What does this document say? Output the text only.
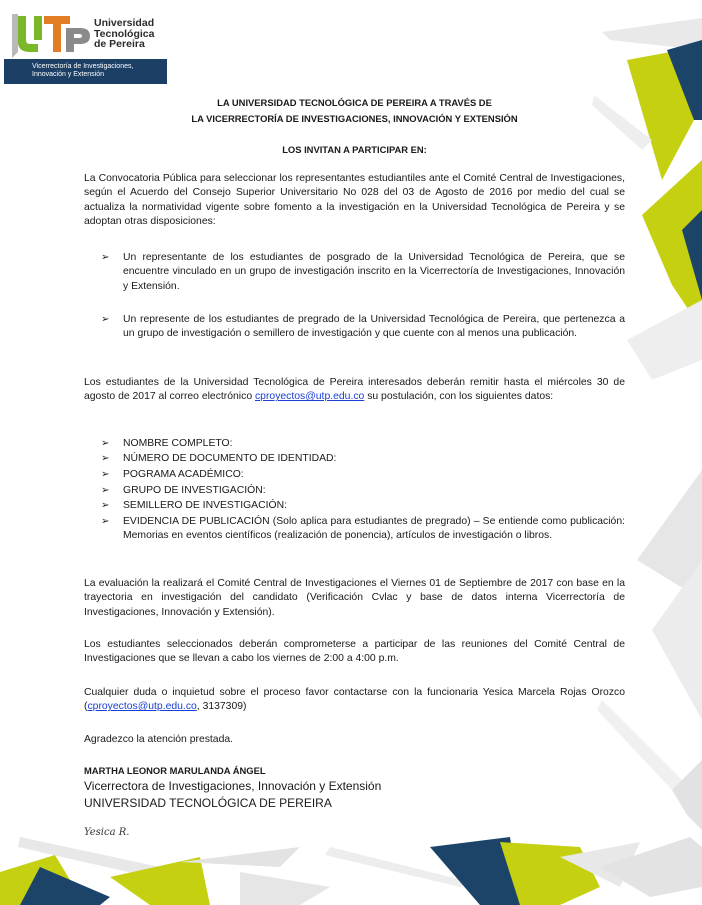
Universidad
Tecnológica
de Pereira
Vicerrectoría de Investigaciones,
Innovación y Extensión
LA UNIVERSIDAD TECNOLÓGICA DE PEREIRA A TRAVÉS DE
LA VICERRECTORÍA DE INVESTIGACIONES, INNOVACIÓN Y EXTENSIÓN
LOS INVITAN A PARTICIPAR EN:
La Convocatoria Pública para seleccionar los representantes estudiantiles ante el Comité Central de Investigaciones, según el Acuerdo del Consejo Superior Universitario No 028 del 03 de Agosto de 2016 por medio del cual se actualiza la normatividad vigente sobre fomento a la investigación en la Universidad Tecnológica de Pereira y se adoptan otras disposiciones:
➢ Un representante de los estudiantes de posgrado de la Universidad Tecnológica de Pereira, que se encuentre vinculado en un grupo de investigación inscrito en la Vicerrectoría de Investigaciones, Innovación y Extensión.
➢ Un represente de los estudiantes de pregrado de la Universidad Tecnológica de Pereira, que pertenezca a un grupo de investigación o semillero de investigación y que cuente con al menos una publicación.
Los estudiantes de la Universidad Tecnológica de Pereira interesados deberán remitir hasta el miércoles 30 de agosto de 2017 al correo electrónico cproyectos@utp.edu.co su postulación, con los siguientes datos:
➢ NOMBRE COMPLETO:
➢ NÚMERO DE DOCUMENTO DE IDENTIDAD:
➢ POGRAMA ACADÉMICO:
➢ GRUPO DE INVESTIGACIÓN:
➢ SEMILLERO DE INVESTIGACIÓN:
➢ EVIDENCIA DE PUBLICACIÓN (Solo aplica para estudiantes de pregrado) – Se entiende como publicación: Memorias en eventos científicos (realización de ponencia), artículos de investigación o libros.
La evaluación la realizará el Comité Central de Investigaciones el Viernes 01 de Septiembre de 2017 con base en la trayectoria en investigación del candidato (Verificación Cvlac y base de datos interna Vicerrectoría de Investigaciones, Innovación y Extensión).
Los estudiantes seleccionados deberán comprometerse a participar de las reuniones del Comité Central de Investigaciones que se llevan a cabo los viernes de 2:00 a 4:00 p.m.
Cualquier duda o inquietud sobre el proceso favor contactarse con la funcionaria Yesica Marcela Rojas Orozco (cproyectos@utp.edu.co, 3137309)
Agradezco la atención prestada.
MARTHA LEONOR MARULANDA ÁNGEL
Vicerrectora de Investigaciones, Innovación y Extensión
UNIVERSIDAD TECNOLÓGICA DE PEREIRA
Yesica R.
